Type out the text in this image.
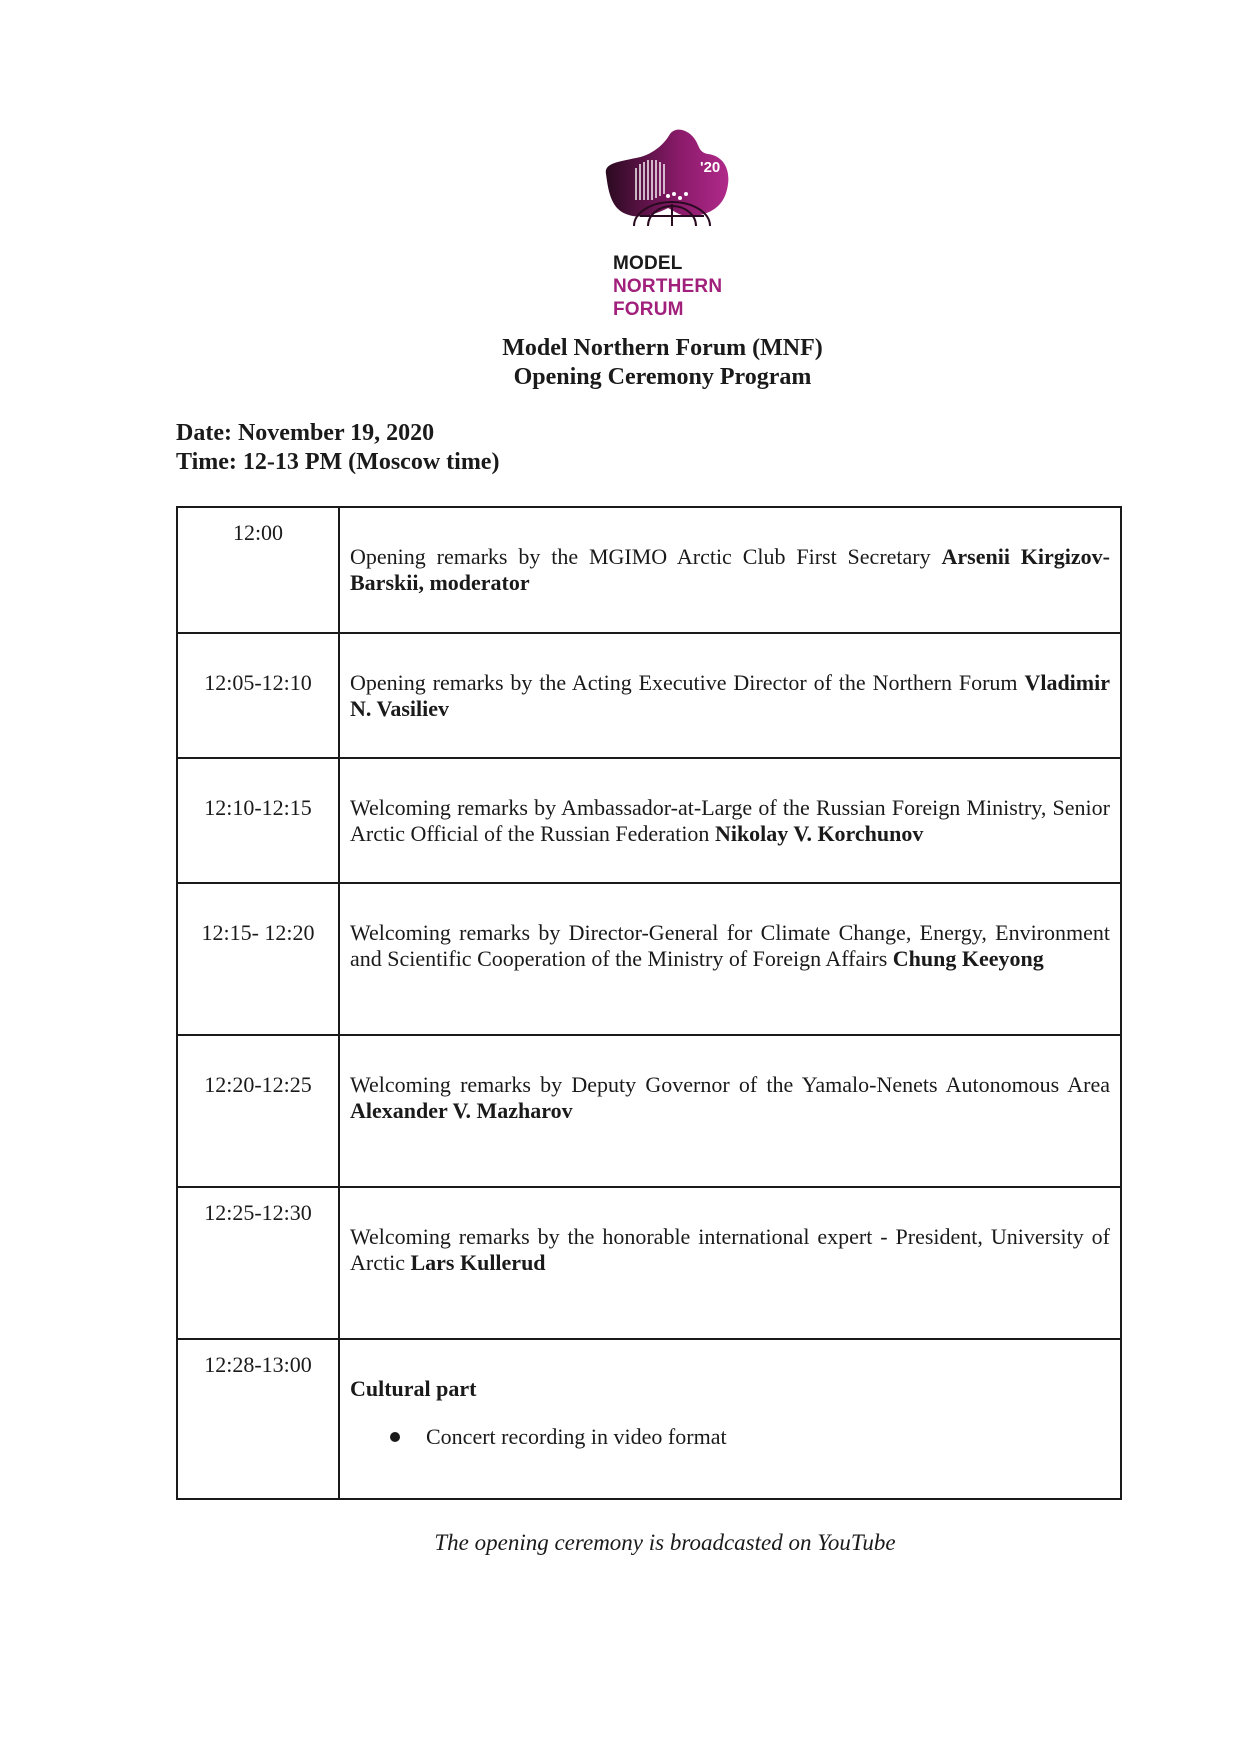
'20
MODEL
NORTHERN
FORUM
Model Northern Forum (MNF)
Opening Ceremony Program
Date: November 19, 2020
Time: 12-13 PM (Moscow time)
12:00	Opening remarks by the MGIMO Arctic Club First Secretary Arsenii Kirgizov-Barskii, moderator

12:05-12:10	Opening remarks by the Acting Executive Director of the Northern Forum Vladimir N. Vasiliev

12:10-12:15	Welcoming remarks by Ambassador-at-Large of the Russian Foreign Ministry, Senior Arctic Official of the Russian Federation Nikolay V. Korchunov

12:15- 12:20	Welcoming remarks by Director-General for Climate Change, Energy, Environment and Scientific Cooperation of the Ministry of Foreign Affairs Chung Keeyong

12:20-12:25	Welcoming remarks by Deputy Governor of the Yamalo-Nenets Autonomous Area Alexander V. Mazharov

12:25-12:30	Welcoming remarks by the honorable international expert - President, University of Arctic Lars Kullerud

12:28-13:00	Cultural part
Concert recording in video format
The opening ceremony is broadcasted on YouTube
